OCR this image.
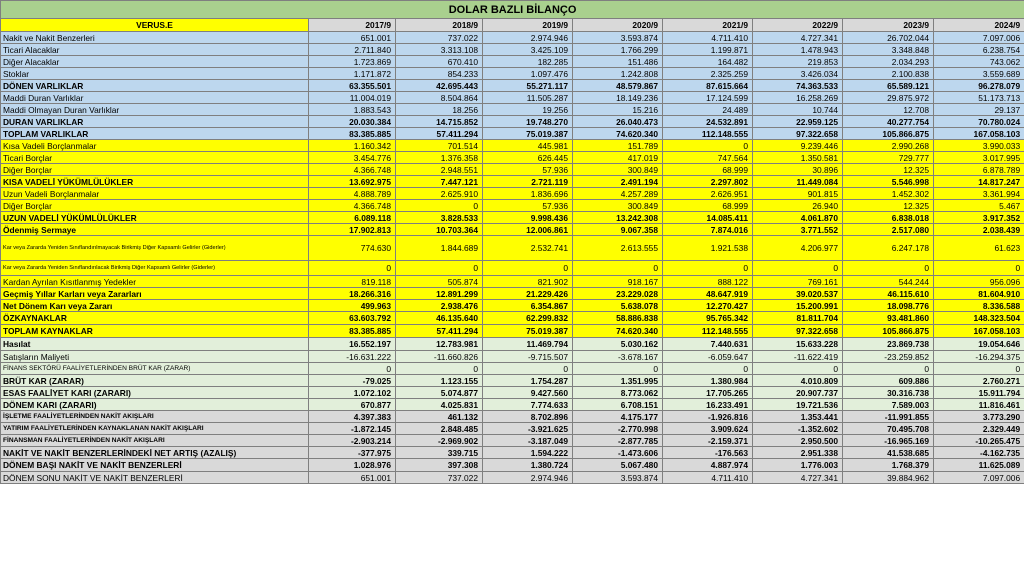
DOLAR BAZLI BİLANÇO								
VERUS.E	2017/9	2018/9	2019/9	2020/9	2021/9	2022/9	2023/9	2024/9
Nakit ve Nakit Benzerleri	651.001	737.022	2.974.946	3.593.874	4.711.410	4.727.341	26.702.044	7.097.006
Ticari Alacaklar	2.711.840	3.313.108	3.425.109	1.766.299	1.199.871	1.478.943	3.348.848	6.238.754
Diğer Alacaklar	1.723.869	670.410	182.285	151.486	164.482	219.853	2.034.293	743.062
Stoklar	1.171.872	854.233	1.097.476	1.242.808	2.325.259	3.426.034	2.100.838	3.559.689
DÖNEN VARLIKLAR	63.355.501	42.695.443	55.271.117	48.579.867	87.615.664	74.363.533	65.589.121	96.278.079
Maddi Duran Varlıklar	11.004.019	8.504.864	11.505.287	18.149.236	17.124.599	16.258.269	29.875.972	51.173.713
Maddi Olmayan Duran Varlıklar	1.883.543	18.256	19.256	15.216	24.489	10.744	12.708	29.137
DURAN VARLIKLAR	20.030.384	14.715.852	19.748.270	26.040.473	24.532.891	22.959.125	40.277.754	70.780.024
TOPLAM VARLIKLAR	83.385.885	57.411.294	75.019.387	74.620.340	112.148.555	97.322.658	105.866.875	167.058.103
Kısa Vadeli Borçlanmalar	1.160.342	701.514	445.981	151.789	0	9.239.446	2.990.268	3.990.033
Ticari Borçlar	3.454.776	1.376.358	626.445	417.019	747.564	1.350.581	729.777	3.017.995
Diğer Borçlar	4.366.748	2.948.551	57.936	300.849	68.999	30.896	12.325	6.878.789
KISA VADELİ YÜKÜMLÜLÜKLER	13.692.975	7.447.121	2.721.119	2.491.194	2.297.802	11.449.084	5.546.998	14.817.247
Uzun Vadeli Borçlanmalar	4.888.789	2.625.910	1.836.696	4.257.289	2.626.951	901.815	1.452.302	3.361.994
Diğer Borçlar	4.366.748	0	57.936	300.849	68.999	26.940	12.325	5.467
UZUN VADELİ YÜKÜMLÜLÜKLER	6.089.118	3.828.533	9.998.436	13.242.308	14.085.411	4.061.870	6.838.018	3.917.352
Ödenmiş Sermaye	17.902.813	10.703.364	12.006.861	9.067.358	7.874.016	3.771.552	2.517.080	2.038.439
Kar veya Zararda Yeniden Sınıflandırılmayacak Birikmiş Diğer Kapsamlı Gelirler (Giderler)	774.630	1.844.689	2.532.741	2.613.555	1.921.538	4.206.977	6.247.178	61.623
Kar veya Zararda Yeniden Sınıflandırılacak Birikmiş Diğer Kapsamlı Gelirler (Giderler)	0	0	0	0	0	0	0	0
Kardan Ayrılan Kısıtlanmış Yedekler	819.118	505.874	821.902	918.167	888.122	769.161	544.244	956.096
Geçmiş Yıllar Karları veya Zararları	18.266.316	12.891.299	21.229.426	23.229.028	48.647.919	39.020.537	46.115.610	81.604.910
Net Dönem Karı veya Zararı	499.963	2.938.476	6.354.867	5.638.078	12.270.427	15.200.991	18.098.776	8.336.588
ÖZKAYNAKLAR	63.603.792	46.135.640	62.299.832	58.886.838	95.765.342	81.811.704	93.481.860	148.323.504
TOPLAM KAYNAKLAR	83.385.885	57.411.294	75.019.387	74.620.340	112.148.555	97.322.658	105.866.875	167.058.103
Hasılat	16.552.197	12.783.981	11.469.794	5.030.162	7.440.631	15.633.228	23.869.738	19.054.646
Satışların Maliyeti	-16.631.222	-11.660.826	-9.715.507	-3.678.167	-6.059.647	-11.622.419	-23.259.852	-16.294.375
FİNANS SEKTÖRÜ FAALİYETLERİNDEN BRÜT KAR (ZARAR)	0	0	0	0	0	0	0	0
BRÜT KAR (ZARAR)	-79.025	1.123.155	1.754.287	1.351.995	1.380.984	4.010.809	609.886	2.760.271
ESAS FAALİYET KARI (ZARARI)	1.072.102	5.074.877	9.427.560	8.773.062	17.705.265	20.907.737	30.316.738	15.911.794
DÖNEM KARI (ZARARI)	670.877	4.025.831	7.774.633	6.708.151	16.233.491	19.721.536	7.589.003	11.816.461
İŞLETME FAALİYETLERİNDEN NAKİT AKIŞLARI	4.397.383	461.132	8.702.896	4.175.177	-1.926.816	1.353.441	-11.991.855	3.773.290
YATIRIM FAALİYETLERİNDEN KAYNAKLANAN NAKİT AKIŞLARI	-1.872.145	2.848.485	-3.921.625	-2.770.998	3.909.624	-1.352.602	70.495.708	2.329.449
FİNANSMAN FAALİYETLERİNDEN NAKİT AKIŞLARI	-2.903.214	-2.969.902	-3.187.049	-2.877.785	-2.159.371	2.950.500	-16.965.169	-10.265.475
NAKİT VE NAKİT BENZERLERİNDEKİ NET ARTIŞ (AZALIŞ)	-377.975	339.715	1.594.222	-1.473.606	-176.563	2.951.338	41.538.685	-4.162.735
DÖNEM BAŞI NAKİT VE NAKİT BENZERLERİ	1.028.976	397.308	1.380.724	5.067.480	4.887.974	1.776.003	1.768.379	11.625.089
DÖNEM SONU NAKİT VE NAKİT BENZERLERİ	651.001	737.022	2.974.946	3.593.874	4.711.410	4.727.341	39.884.962	7.097.006
